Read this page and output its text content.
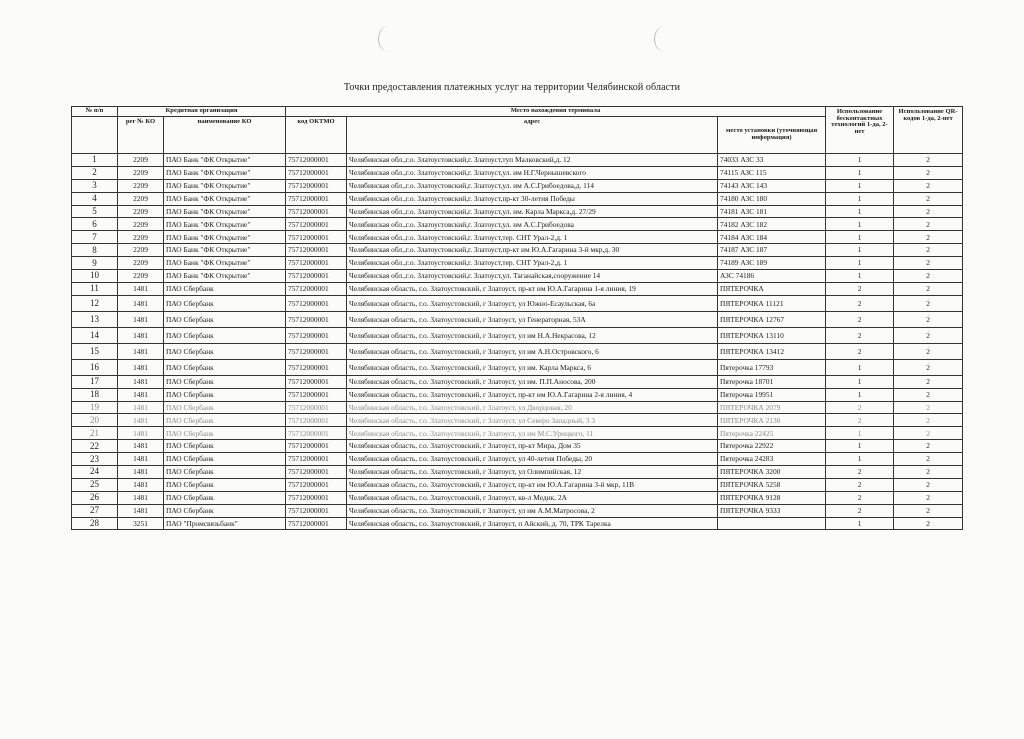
Точки предоставления платежных услуг на территории Челябинской области
№ п/п	Кредитная организация		Место нахождения терминала			Использование бесконтактных технологий 1-да, 2-нет	Использование QR-кодов 1-да, 2-нет
	рег № КО	наименование КО	код ОКТМО	адрес	место установки (уточняющая информация)		
1	2209	ПАО Банк "ФК Открытие"	75712000001	Челябинская обл.,г.о. Златоустовский,г. Златоуст,туп Малковский,д. 12	74033 АЗС 33	1	2
2	2209	ПАО Банк "ФК Открытие"	75712000001	Челябинская обл.,г.о. Златоустовский,г. Златоуст,ул. им Н.Г.Чернышевского	74115 АЗС 115	1	2
3	2209	ПАО Банк "ФК Открытие"	75712000001	Челябинская обл.,г.о. Златоустовский,г. Златоуст,ул. им А.С.Грибоедова,д. 114	74143 АЗС 143	1	2
4	2209	ПАО Банк "ФК Открытие"	75712000001	Челябинская обл.,г.о. Златоустовский,г. Златоуст,пр-кт 30-летия Победы	74180 АЗС 180	1	2
5	2209	ПАО Банк "ФК Открытие"	75712000001	Челябинская обл.,г.о. Златоустовский,г. Златоуст,ул. им. Карла Маркса,д. 27/29	74181 АЗС 181	1	2
6	2209	ПАО Банк "ФК Открытие"	75712000001	Челябинская обл.,г.о. Златоустовский,г. Златоуст,ул. им А.С.Грибоедова	74182 АЗС 182	1	2
7	2209	ПАО Банк "ФК Открытие"	75712000001	Челябинская обл.,г.о. Златоустовский,г. Златоуст,тер. СНТ Урал-2,д. 1	74184 АЗС 184	1	2
8	2209	ПАО Банк "ФК Открытие"	75712000001	Челябинская обл.,г.о. Златоустовский,г. Златоуст,пр-кт им Ю.А.Гагарина 3-й мкр,д. 30	74187 АЗС 187	1	2
9	2209	ПАО Банк "ФК Открытие"	75712000001	Челябинская обл.,г.о. Златоустовский,г. Златоуст,тер. СНТ Урал-2,д. 1	74189 АЗС 189	1	2
10	2209	ПАО Банк "ФК Открытие"	75712000001	Челябинская обл.,г.о. Златоустовский,г. Златоуст,ул. Таганайская,сооружение 14	АЗС 74186	1	2
11	1481	ПАО Сбербанк	75712000001	Челябинская область, г.о. Златоустовский, г Златоуст, пр-кт им Ю.А.Гагарина 1-я линия, 19	ПЯТЕРОЧКА	2	2
12	1481	ПАО Сбербанк	75712000001	Челябинская область, г.о. Златоустовский, г Златоуст, ул Южно-Есаульская, 6а	ПЯТЕРОЧКА 11121	2	2
13	1481	ПАО Сбербанк	75712000001	Челябинская область, г.о. Златоустовский, г Златоуст, ул Генераторная, 53А	ПЯТЕРОЧКА 12767	2	2
14	1481	ПАО Сбербанк	75712000001	Челябинская область, г.о. Златоустовский, г Златоуст, ул им Н.А.Некрасова, 12	ПЯТЕРОЧКА 13110	2	2
15	1481	ПАО Сбербанк	75712000001	Челябинская область, г.о. Златоустовский, г Златоуст, ул им А.Н.Островского, 6	ПЯТЕРОЧКА 13412	2	2
16	1481	ПАО Сбербанк	75712000001	Челябинская область, г.о. Златоустовский, г Златоуст, ул им. Карла Маркса, 6	Пятерочка 17793	1	2
17	1481	ПАО Сбербанк	75712000001	Челябинская область, г.о. Златоустовский, г Златоуст, ул им. П.П.Аносова, 200	Пятерочка 18701	1	2
18	1481	ПАО Сбербанк	75712000001	Челябинская область, г.о. Златоустовский, г Златоуст, пр-кт им Ю.А.Гагарина 2-я линия, 4	Пятерочка 19951	1	2
19	1481	ПАО Сбербанк	75712000001	Челябинская область, г.о. Златоустовский, г Златоуст, ул Дворцовая, 20	ПЯТЕРОЧКА 2079	2	2
20	1481	ПАО Сбербанк	75712000001	Челябинская область, г.о. Златоустовский, г Златоуст, ул Северо Западный, 3 3	ПЯТЕРОЧКА 2130	2	2
21	1481	ПАО Сбербанк	75712000001	Челябинская область, г.о. Златоустовский, г Златоуст, ул им М.С.Урицкого, 11	Пятерочка 22425	1	2
22	1481	ПАО Сбербанк	75712000001	Челябинская область, г.о. Златоустовский, г Златоуст, пр-кт Мира, Дом 35	Пятерочка 22922	1	2
23	1481	ПАО Сбербанк	75712000001	Челябинская область, г.о. Златоустовский, г Златоуст, ул 40-летия Победы, 20	Пятерочка 24283	1	2
24	1481	ПАО Сбербанк	75712000001	Челябинская область, г.о. Златоустовский, г Златоуст, ул Олимпийская, 12	ПЯТЕРОЧКА 3200	2	2
25	1481	ПАО Сбербанк	75712000001	Челябинская область, г.о. Златоустовский, г Златоуст, пр-кт им Ю.А.Гагарина 3-й мкр, 11В	ПЯТЕРОЧКА 5258	2	2
26	1481	ПАО Сбербанк	75712000001	Челябинская область, г.о. Златоустовский, г Златоуст, кв-л Медик, 2А	ПЯТЕРОЧКА 9128	2	2
27	1481	ПАО Сбербанк	75712000001	Челябинская область, г.о. Златоустовский, г Златоуст, ул им А.М.Матросова, 2	ПЯТЕРОЧКА 9333	2	2
28	3251	ПАО "Промсвязьбанк"	75712000001	Челябинская область, г.о. Златоустовский, г Златоуст, п Айский, д. 70, ТРК Тарелка		1	2
